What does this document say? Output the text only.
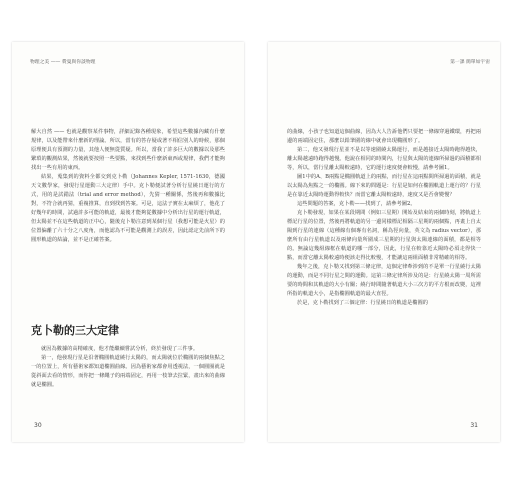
物理之美 —— 費曼與你談物理	第一課 簡單如宇宙

解大自然 —— 也就是觀察某件事物，詳細記錄各種現象，希望這些數據內藏有什麼規律，以及能帶來什麼新的理論。所以，當有的答存疑或著不相信別人的時候，那個原理便具有預測的力量，其他人便無從質疑。所以，當我了許多巨大的數據以及那些繁瑣的觀測結果，然後就要按照一些要點，來找到些什麼新東西或規律，我們才能夠找出一些有用的東西。

結果，蒐集到的資料全都交到克卜勒（Johannes Kepler, 1571-1630，德國天文數學家，發現行星運動三大定律）手中。克卜勒便試著分析行星繞日運行的方式，用的是試錯法（trial and error method），先猜一種關係，然後再和數據比對，不符合就再猜，重複推算，直到找到答案。可是，這法子實在太麻煩了，他花了好幾年的時間，試過許多可能的軌道，最後才能夠從數據中分析出行星的運行軌道，但太陽並不在這些軌道的正中心，隨後克卜勒注意到某個行星（我想可能是火星）的位置偏離了六十分之八度角，而他認為不可能是觀測上的誤差，因此認定先前所下的圓形軌道的結論，並不是正確答案。

克卜勒的三大定律

就因為數據的高精確度，他才能繼續嘗試分析，終於發現了三件事。

第一，他發現行星是沿著橢圓軌道繞行太陽的，而太陽就位於橢圓的兩個焦點之一的位置上，所有藝術家都知道橢圓曲線。因為藝術家都會用透視法，一個圓圈就是從斜面去看的情形，而你把一條繩子的兩端固定，再用一枝筆去拉緊，畫出來的曲線就是橢圓。

30

的曲線，小孩子也知道這個曲線，因為大人告訴他們只要把一條線穿過鐵環，再把兩邊的兩端固定住，那麼以鉛筆圍的線中就會出現橢圓形了。

第二，他又發現行星並不是以等速圍繞太陽運行，而是越接近太陽時跑得越快，離太陽越遠時跑得越慢。他說在相同的時間內，行星與太陽的連線所掃過的面積都相等，所以，當行星離太陽較遠時，它的運行速度便會較慢，請參考圖1。

圖1中的A、B兩點是橢圓軌道上的兩點，而行星在這兩點間所掃過的面積，就是以太陽為焦點之一的橢圓。線下來的問題是：行星是如何在橢圓軌道上運行的？行星是在靠近太陽時運動得較快？而當它離太陽較遠時，速度又是否會變慢？

這些問題的答案，克卜勒——找到了，請參考圖2。

克卜勒發現，如果在某段期間（例如三星期）開始及結束的兩個時刻，將軌道上標記行星的位置，然後再將軌道的另一邊同樣標記相隔三星期的兩個點，再畫上自太陽到行星的連線（這種線有個專有名詞，稱為徑向量，英文為 radius vector），那麼所有由行星軌道以及兩條向量所圍成三星期的行星與太陽連線的面積，都是相等的。無論這幾組線框在軌道的哪一部分，因此，行星在較靠近太陽時必須走得快一點，而當它離太陽較遠時便該走得比較慢，才能讓這兩組面積非常精確的相等。

幾年之後，克卜勒又找到第三條定律，這個定律牽涉到的不是單一行星繞行太陽的運動，而是不同行星之間的運動。這第三條定律所涉及的是：行星繞太陽一周所需要的時間和其軌道的大小有關；繞行時間隨著軌道大小三次方的平方根而改變，這裡所指的軌道大小，是指橢圓軌道的最大直徑。

於是，克卜勒找到了三個定律：行星繞日的軌道是橢圓的

31
